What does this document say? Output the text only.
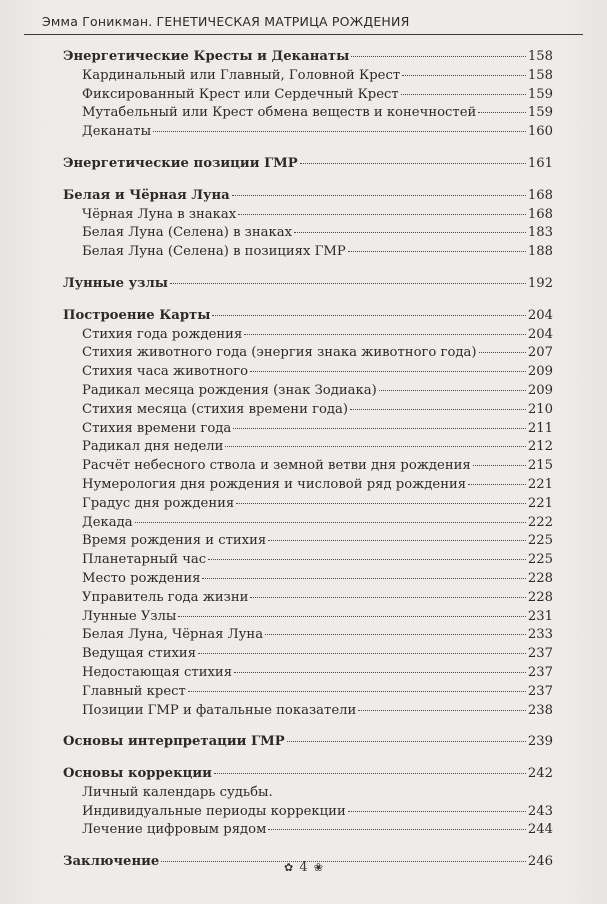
Эмма Гоникман. ГЕНЕТИЧЕСКАЯ МАТРИЦА РОЖДЕНИЯ
Энергетические Кресты и Деканаты	158
Кардинальный или Главный, Головной Крест	158
Фиксированный Крест или Сердечный Крест	159
Мутабельный или Крест обмена веществ и конечностей	159
Деканаты	160
Энергетические позиции ГМР	161
Белая и Чёрная Луна	168
Чёрная Луна в знаках	168
Белая Луна (Селена) в знаках	183
Белая Луна (Селена) в позициях ГМР	188
Лунные узлы	192
Построение Карты	204
Стихия года рождения	204
Стихия животного года (энергия знака животного года)	207
Стихия часа животного	209
Радикал месяца рождения (знак Зодиака)	209
Стихия месяца (стихия времени года)	210
Стихия времени года	211
Радикал дня недели	212
Расчёт небесного ствола и земной ветви дня рождения	215
Нумерология дня рождения и числовой ряд рождения	221
Градус дня рождения	221
Декада	222
Время рождения и стихия	225
Планетарный час	225
Место рождения	228
Управитель года жизни	228
Лунные Узлы	231
Белая Луна, Чёрная Луна	233
Ведущая стихия	237
Недостающая стихия	237
Главный крест	237
Позиции ГМР и фатальные показатели	238
Основы интерпретации ГМР	239
Основы коррекции	242
Личный календарь судьбы.
Индивидуальные периоды коррекции	243
Лечение цифровым рядом	244
Заключение	246
✿ 4 ❀
